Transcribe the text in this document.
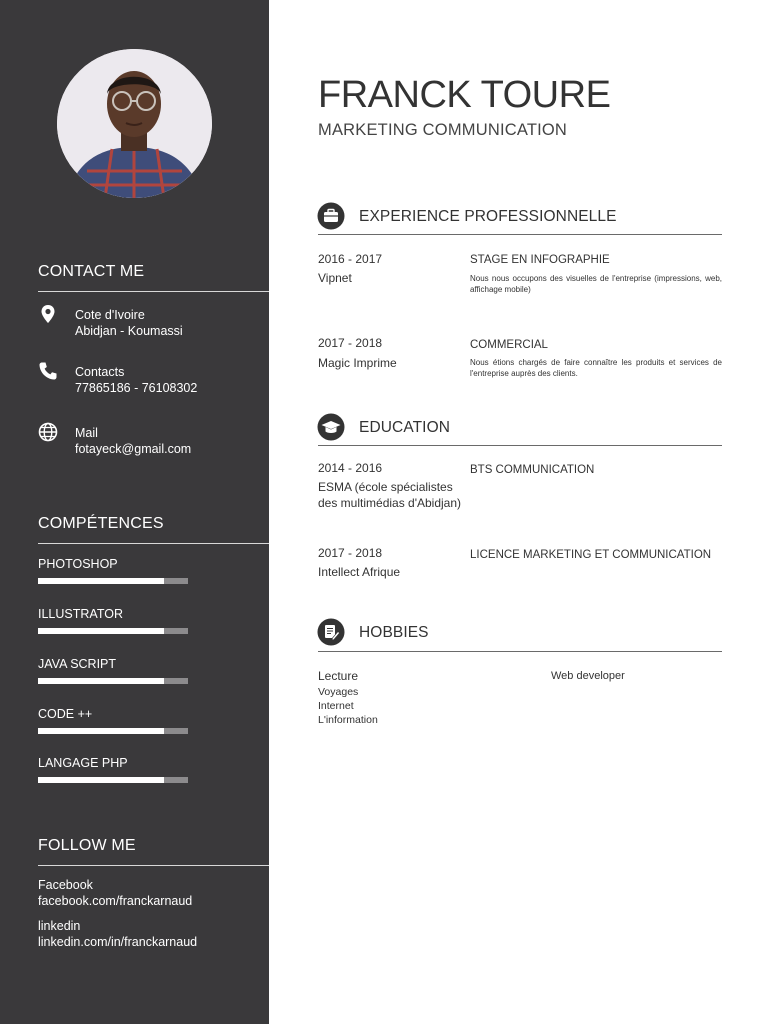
CONTACT ME
Cote d'Ivoire
Abidjan - Koumassi
Contacts
77865186 - 76108302
Mail
fotayeck@gmail.com
COMPÉTENCES
PHOTOSHOP
ILLUSTRATOR
JAVA SCRIPT
CODE ++
LANGAGE PHP
FOLLOW ME
Facebook
facebook.com/franckarnaud
linkedin
linkedin.com/in/franckarnaud
FRANCK TOURE
MARKETING COMMUNICATION
EXPERIENCE PROFESSIONNELLE
2016 - 2017
Vipnet
STAGE EN INFOGRAPHIE
Nous nous occupons des visuelles de l'entreprise (impressions, web, affichage mobile)
2017 - 2018
Magic Imprime
COMMERCIAL
Nous étions chargés de faire connaître les produits et services de l'entreprise auprès des clients.
EDUCATION
2014 - 2016
ESMA (école spécialistes des multimédias d'Abidjan)
BTS COMMUNICATION
2017 - 2018
Intellect Afrique
LICENCE MARKETING ET COMMUNICATION
HOBBIES
Lecture
Voyages
Internet
L'information
Web developer
